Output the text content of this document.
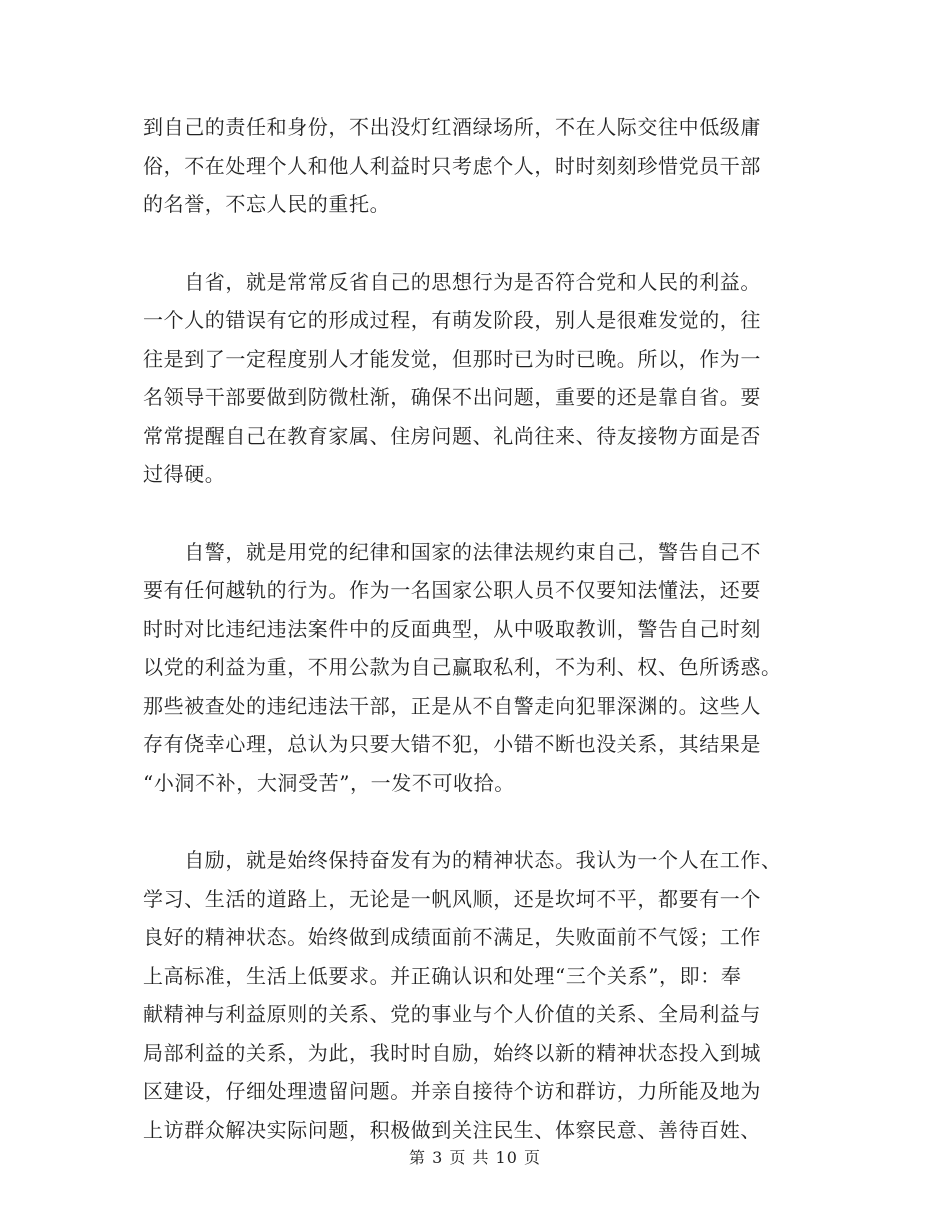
到自己的责任和身份，不出没灯红酒绿场所，不在人际交往中低级庸
俗，不在处理个人和他人利益时只考虑个人，时时刻刻珍惜党员干部
的名誉，不忘人民的重托。
　　自省，就是常常反省自己的思想行为是否符合党和人民的利益。
一个人的错误有它的形成过程，有萌发阶段，别人是很难发觉的，往
往是到了一定程度别人才能发觉，但那时已为时已晚。所以，作为一
名领导干部要做到防微杜渐，确保不出问题，重要的还是靠自省。要
常常提醒自己在教育家属、住房问题、礼尚往来、待友接物方面是否
过得硬。
　　自警，就是用党的纪律和国家的法律法规约束自己，警告自己不
要有任何越轨的行为。作为一名国家公职人员不仅要知法懂法，还要
时时对比违纪违法案件中的反面典型，从中吸取教训，警告自己时刻
以党的利益为重，不用公款为自己赢取私利，不为利、权、色所诱惑。
那些被查处的违纪违法干部，正是从不自警走向犯罪深渊的。这些人
存有侥幸心理，总认为只要大错不犯，小错不断也没关系，其结果是
“小洞不补，大洞受苦”，一发不可收拾。
　　自励，就是始终保持奋发有为的精神状态。我认为一个人在工作、
学习、生活的道路上，无论是一帆风顺，还是坎坷不平，都要有一个
良好的精神状态。始终做到成绩面前不满足，失败面前不气馁；工作
上高标准，生活上低要求。并正确认识和处理“三个关系”，即：奉
献精神与利益原则的关系、党的事业与个人价值的关系、全局利益与
局部利益的关系，为此，我时时自励，始终以新的精神状态投入到城
区建设，仔细处理遗留问题。并亲自接待个访和群访，力所能及地为
上访群众解决实际问题，积极做到关注民生、体察民意、善待百姓、
第 3 页 共 10 页
